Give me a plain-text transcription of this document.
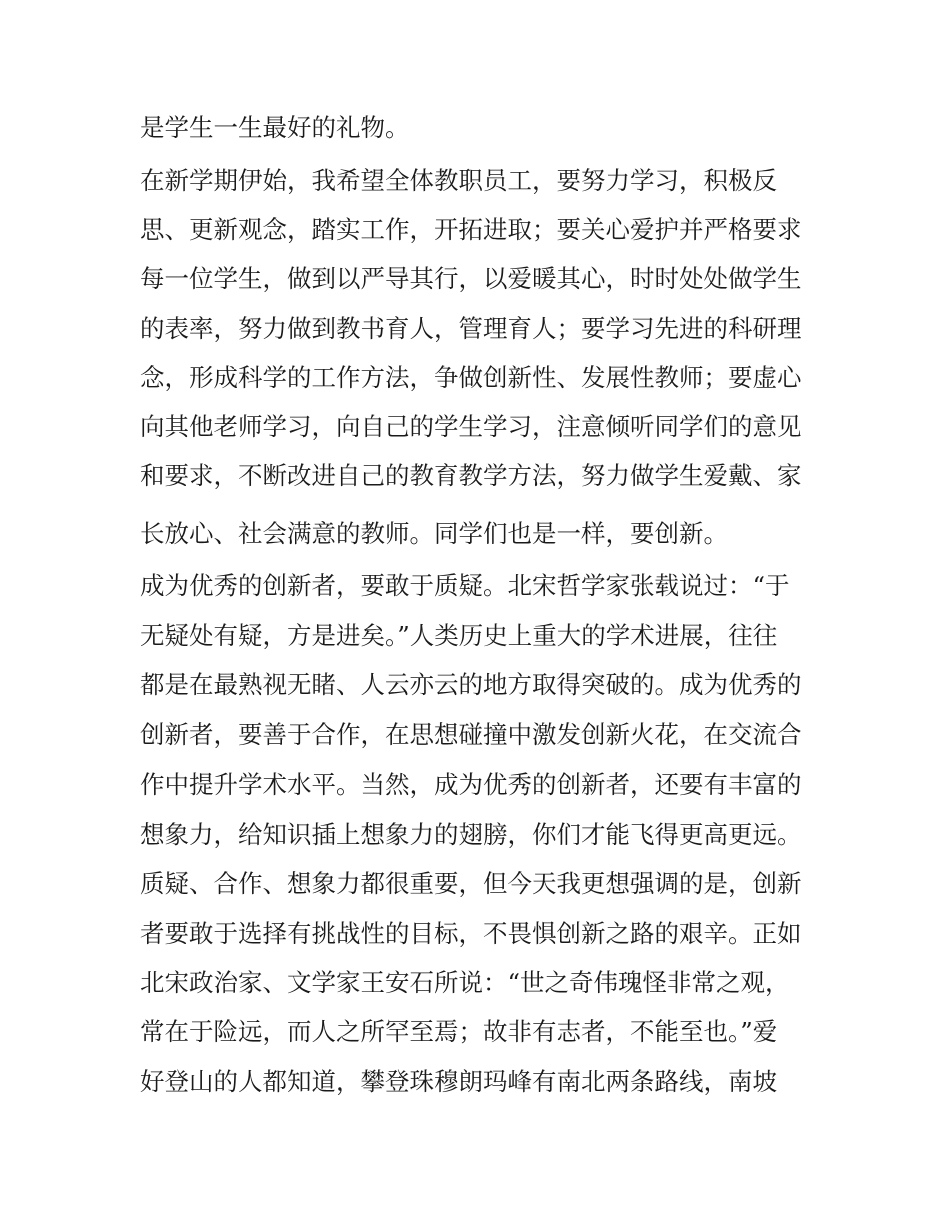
是学生一生最好的礼物。
在新学期伊始，我希望全体教职员工，要努力学习，积极反
思、更新观念，踏实工作，开拓进取；要关心爱护并严格要求
每一位学生，做到以严导其行，以爱暖其心，时时处处做学生
的表率，努力做到教书育人，管理育人；要学习先进的科研理
念，形成科学的工作方法，争做创新性、发展性教师；要虚心
向其他老师学习，向自己的学生学习，注意倾听同学们的意见
和要求，不断改进自己的教育教学方法，努力做学生爱戴、家
长放心、社会满意的教师。同学们也是一样，要创新。
成为优秀的创新者，要敢于质疑。北宋哲学家张载说过：“于
无疑处有疑，方是进矣。”人类历史上重大的学术进展，往往
都是在最熟视无睹、人云亦云的地方取得突破的。成为优秀的
创新者，要善于合作，在思想碰撞中激发创新火花，在交流合
作中提升学术水平。当然，成为优秀的创新者，还要有丰富的
想象力，给知识插上想象力的翅膀，你们才能飞得更高更远。
质疑、合作、想象力都很重要，但今天我更想强调的是，创新
者要敢于选择有挑战性的目标，不畏惧创新之路的艰辛。正如
北宋政治家、文学家王安石所说：“世之奇伟瑰怪非常之观，
常在于险远，而人之所罕至焉；故非有志者，不能至也。”爱
好登山的人都知道，攀登珠穆朗玛峰有南北两条路线，南坡
